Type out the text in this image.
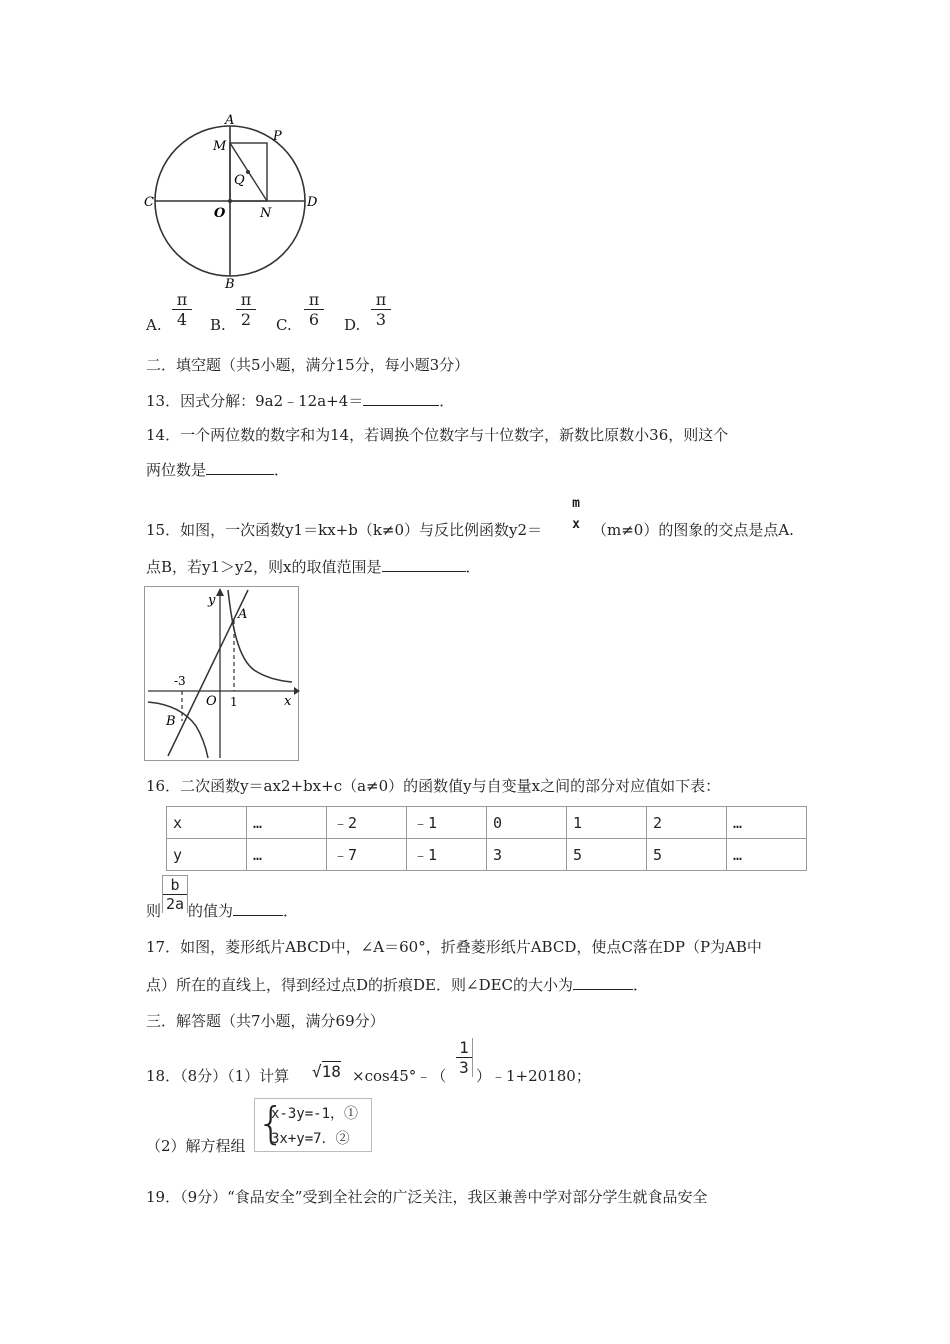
A
P
M
Q
C
O	N
D
B
A. $\frac{\pi}{4} B$. $\frac{\pi}{2} C$. $\frac{\pi}{6} D$. $\frac{\pi}{3}$
二．填空题（共5小题，满分15分，每小题3分）
13．因式分解：9a2﹣12a+4＝	．
14．一个两位数的数字和为14，若调换个位数字与十位数字，新数比原数小36，则这个
两位数是	．
15．如图，一次函数y1＝kx+b（k≠0）与反比例函数y2＝
m
x （m≠0）的图象的交点是点A.
点B，若y1＞y2，则x的取值范围是	．
y
A
-3
O 1	x
B
16．二次函数y＝ax2+bx+c（a≠0）的函数值y与自变量x之间的部分对应值如下表：
x	…	﹣2	﹣1	0	1	2	…
y	…	﹣7	﹣1	3	5	5	…
则 $\frac{b}{2a}$ 的值为	．
17．如图，菱形纸片ABCD中，∠A＝60°，折叠菱形纸片ABCD，使点C落在DP（P为AB中
点）所在的直线上，得到经过点D的折痕DE．则∠DEC的大小为	．
三．解答题（共7小题，满分69分）
18．（8分）（1）计算 √18 ×cos45°﹣（ $\frac{1}{3}$ ）﹣1+20180；
（2）解方程组 {
x-3y=-1，①
3x+y=7．②
19．（9分）“食品安全”受到全社会的广泛关注，我区兼善中学对部分学生就食品安全
